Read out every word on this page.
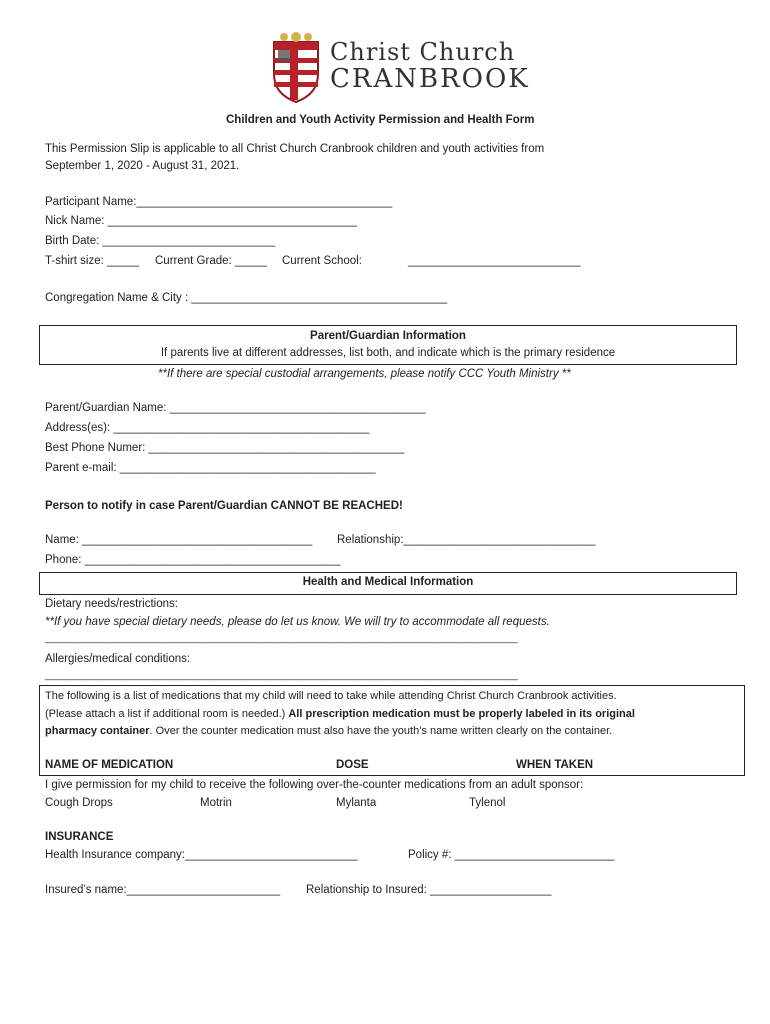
Christ Church
CRANBROOK
Children and Youth Activity Permission and Health Form
This Permission Slip is applicable to all Christ Church Cranbrook children and youth activities from
September 1, 2020 - August 31, 2021.
Participant Name:________________________________________
Nick Name: _______________________________________
Birth Date: ___________________________
T-shirt size: _____ Current Grade: _____ Current School:	___________________________
Congregation Name & City : ________________________________________
Parent/Guardian Information
If parents live at different addresses, list both, and indicate which is the primary residence
**If there are special custodial arrangements, please notify CCC Youth Ministry **
Parent/Guardian Name: ________________________________________
Address(es): ________________________________________
Best Phone Numer: ________________________________________
Parent e-mail: ________________________________________
Person to notify in case Parent/Guardian CANNOT BE REACHED!
Name: ____________________________________ Relationship:______________________________
Phone: ________________________________________
Health and Medical Information
Dietary needs/restrictions:
**If you have special dietary needs, please do let us know. We will try to accommodate all requests.
_____________________________________________________________________________________
Allergies/medical conditions:
_____________________________________________________________________________________
The following is a list of medications that my child will need to take while attending Christ Church Cranbrook activities.
(Please attach a list if additional room is needed.) All prescription medication must be properly labeled in its original
pharmacy container. Over the counter medication must also have the youth’s name written clearly on the container.
NAME OF MEDICATION	DOSE	WHEN TAKEN
I give permission for my child to receive the following over-the-counter medications from an adult sponsor:
Cough Drops	Motrin	Mylanta	Tylenol
INSURANCE
Health Insurance company:___________________________	Policy #: _________________________
Insured’s name:________________________ Relationship to Insured: ___________________
